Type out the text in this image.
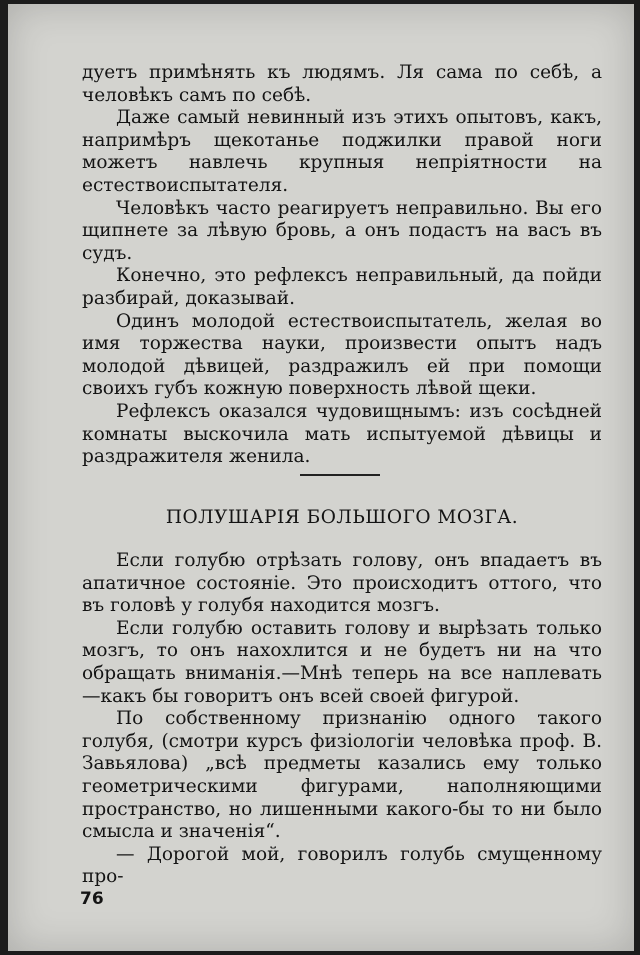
дуетъ примѣнять къ людямъ. Ля сама по себѣ, а человѣкъ самъ по себѣ.

Даже самый невинный изъ этихъ опытовъ, какъ, напримѣръ щекотанье поджилки правой ноги можетъ навлечь крупныя непріятности на естествоиспытателя.

Человѣкъ часто реагируетъ неправильно. Вы его щипнете за лѣвую бровь, а онъ подастъ на васъ въ судъ.

Конечно, это рефлексъ неправильный, да пойди разбирай, доказывай.

Одинъ молодой естествоиспытатель, желая во имя торжества науки, произвести опытъ надъ молодой дѣвицей, раздражилъ ей при помощи своихъ губъ кожную поверхность лѣвой щеки.

Рефлексъ оказался чудовищнымъ: изъ сосѣдней комнаты выскочила мать испытуемой дѣвицы и раздражителя женила.

ПОЛУШАРІЯ БОЛЬШОГО МОЗГА.

Если голубю отрѣзать голову, онъ впадаетъ въ апатичное состояніе. Это происходитъ оттого, что въ головѣ у голубя находится мозгъ.

Если голубю оставить голову и вырѣзать только мозгъ, то онъ нахохлится и не будетъ ни на что обращать вниманія.—Мнѣ теперь на все наплевать—какъ бы говоритъ онъ всей своей фигурой.

По собственному признанію одного такого голубя, (смотри курсъ физіологіи человѣка проф. В. Завьялова) „всѣ предметы казались ему только геометрическими фигурами, наполняющими пространство, но лишенными какого-бы то ни было смысла и значенія“.

— Дорогой мой, говорилъ голубь смущенному про-

76
